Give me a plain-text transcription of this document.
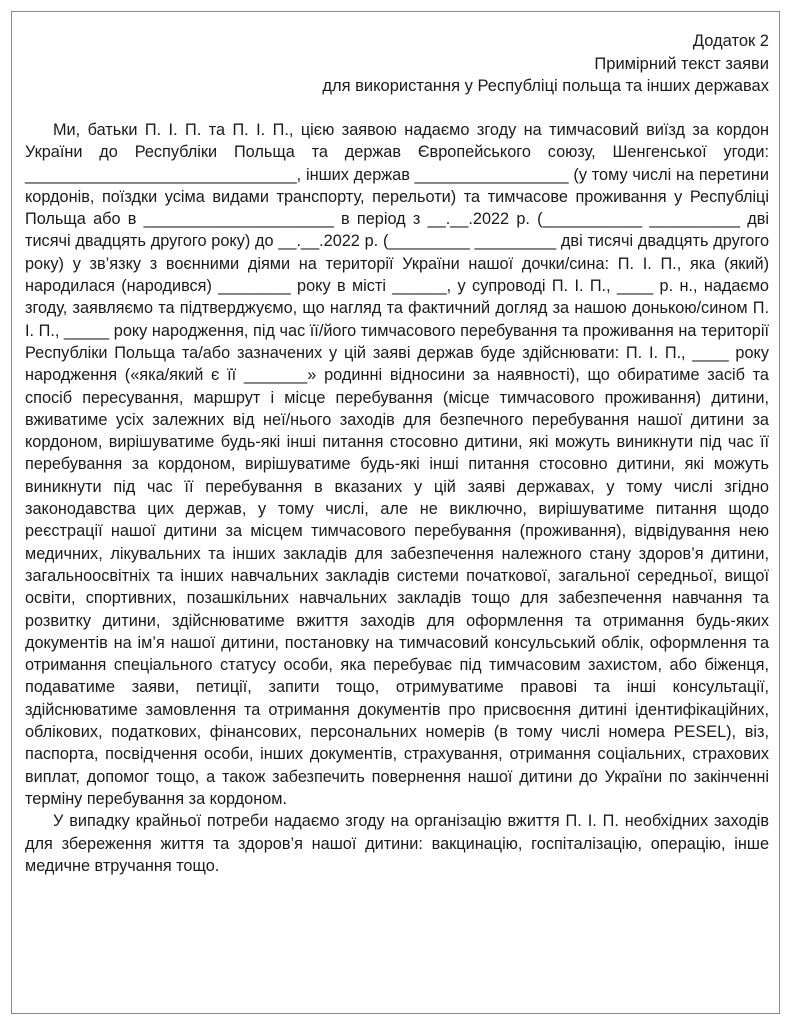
Додаток 2
Примірний текст заяви
для використання у Республіці польща та інших державах

Ми, батьки П. І. П. та П. І. П., цією заявою надаємо згоду на тимчасовий виїзд за кордон України до Республіки Польща та держав Європейського союзу, Шенгенської угоди: ______________________________, інших держав _________________ (у тому числі на перетини кордонів, поїздки усіма видами транспорту, перельоти) та тимчасове проживання у Республіці Польща або в _____________________ в період з __.__.2022 р. (___________ __________ дві тисячі двадцять другого року) до __.__.2022 р. (_________ _________ дві тисячі двадцять другого року) у зв’язку з воєнними діями на території України нашої дочки/сина: П. І. П., яка (який) народилася (народився) ________ року в місті ______, у супроводі П. І. П., ____ р. н., надаємо згоду, заявляємо та підтверджуємо, що нагляд та фактичний догляд за нашою донькою/сином П. І. П., _____ року народження, під час її/його тимчасового перебування та проживання на території Республіки Польща та/або зазначених у цій заяві держав буде здійснювати: П. І. П., ____ року народження («яка/який є її _______» родинні відносини за наявності), що обиратиме засіб та спосіб пересування, маршрут і місце перебування (місце тимчасового проживання) дитини, вживатиме усіх залежних від неї/нього заходів для безпечного перебування нашої дитини за кордоном, вирішуватиме будь-які інші питання стосовно дитини, які можуть виникнути під час її перебування за кордоном, вирішуватиме будь-які інші питання стосовно дитини, які можуть виникнути під час її перебування в вказаних у цій заяві державах, у тому числі згідно законодавства цих держав, у тому числі, але не виключно, вирішуватиме питання щодо реєстрації нашої дитини за місцем тимчасового перебування (проживання), відвідування нею медичних, лікувальних та інших закладів для забезпечення належного стану здоров’я дитини, загальноосвітніх та інших навчальних закладів системи початкової, загальної середньої, вищої освіти, спортивних, позашкільних навчальних закладів тощо для забезпечення навчання та розвитку дитини, здійснюватиме вжиття заходів для оформлення та отримання будь-яких документів на ім’я нашої дитини, постановку на тимчасовий консульський облік, оформлення та отримання спеціального статусу особи, яка перебуває під тимчасовим захистом, або біженця, подаватиме заяви, петиції, запити тощо, отримуватиме правові та інші консультації, здійснюватиме замовлення та отримання документів про присвоєння дитині ідентифікаційних, облікових, податкових, фінансових, персональних номерів (в тому числі номера PESEL), віз, паспорта, посвідчення особи, інших документів, страхування, отримання соціальних, страхових виплат, допомог тощо, а також забезпечить повернення нашої дитини до України по закінченні терміну перебування за кордоном.

У випадку крайньої потреби надаємо згоду на організацію вжиття П. І. П. необхідних заходів для збереження життя та здоров’я нашої дитини: вакцинацію, госпіталізацію, операцію, інше медичне втручання тощо.
